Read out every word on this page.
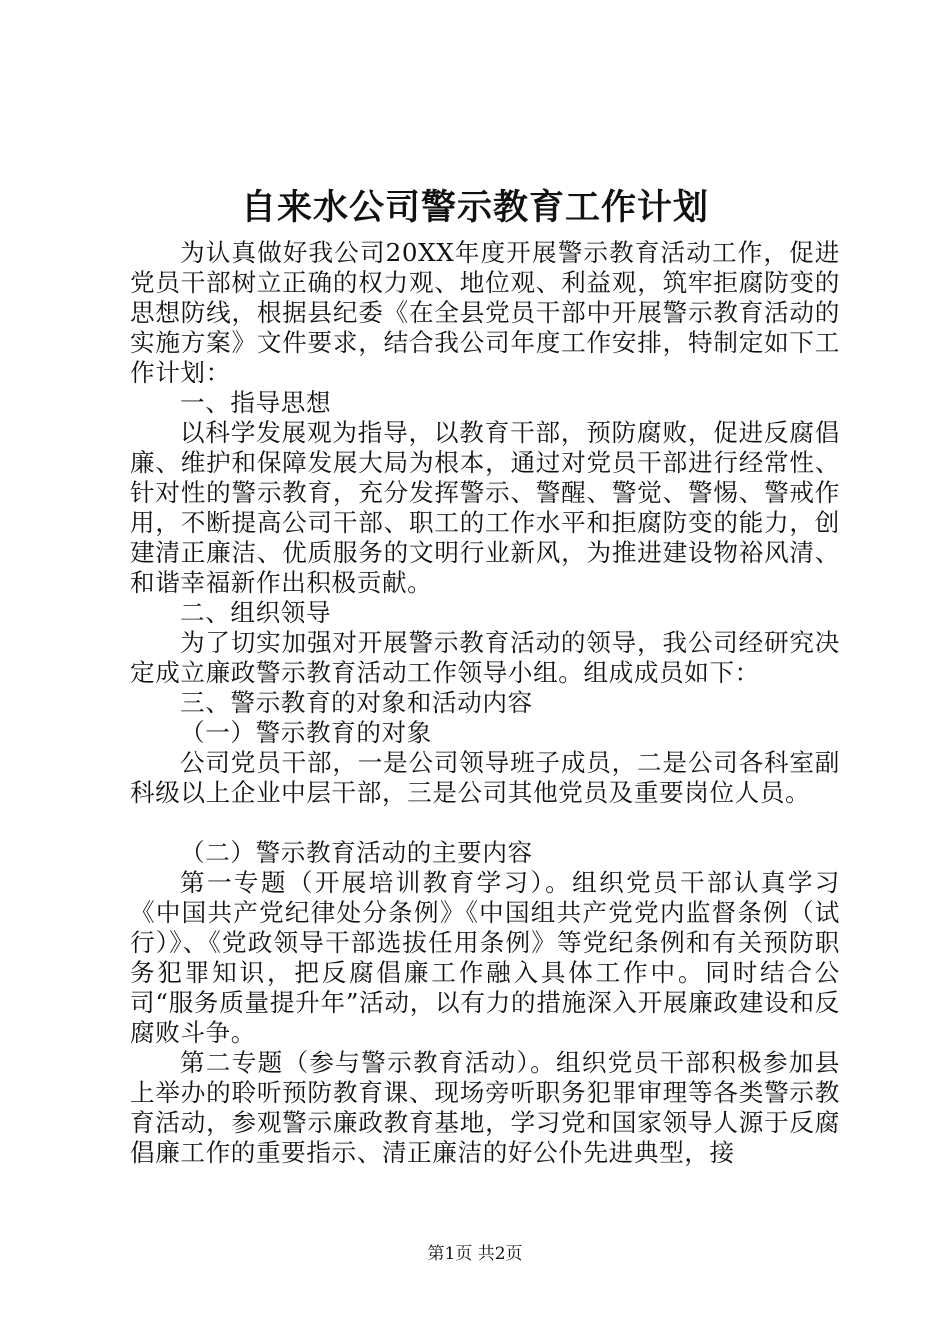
自来水公司警示教育工作计划

为认真做好我公司20XX年度开展警示教育活动工作，促进党员干部树立正确的权力观、地位观、利益观，筑牢拒腐防变的思想防线，根据县纪委《在全县党员干部中开展警示教育活动的实施方案》文件要求，结合我公司年度工作安排，特制定如下工作计划：

一、指导思想

以科学发展观为指导，以教育干部，预防腐败，促进反腐倡廉、维护和保障发展大局为根本，通过对党员干部进行经常性、针对性的警示教育，充分发挥警示、警醒、警觉、警惕、警戒作用，不断提高公司干部、职工的工作水平和拒腐防变的能力，创建清正廉洁、优质服务的文明行业新风，为推进建设物裕风清、和谐幸福新作出积极贡献。

二、组织领导

为了切实加强对开展警示教育活动的领导，我公司经研究决定成立廉政警示教育活动工作领导小组。组成成员如下：

三、警示教育的对象和活动内容

（一）警示教育的对象

公司党员干部，一是公司领导班子成员，二是公司各科室副科级以上企业中层干部，三是公司其他党员及重要岗位人员。

（二）警示教育活动的主要内容

第一专题（开展培训教育学习）。组织党员干部认真学习《中国共产党纪律处分条例》《中国组共产党党内监督条例（试行）》、《党政领导干部选拔任用条例》等党纪条例和有关预防职务犯罪知识，把反腐倡廉工作融入具体工作中。同时结合公司“服务质量提升年”活动，以有力的措施深入开展廉政建设和反腐败斗争。

第二专题（参与警示教育活动）。组织党员干部积极参加县上举办的聆听预防教育课、现场旁听职务犯罪审理等各类警示教育活动，参观警示廉政教育基地，学习党和国家领导人源于反腐倡廉工作的重要指示、清正廉洁的好公仆先进典型，接

第1页 共2页
